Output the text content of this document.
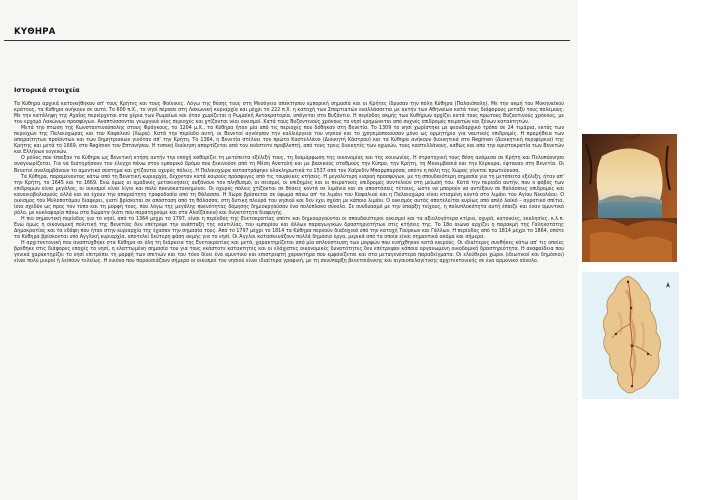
ΚΥΘΗΡΑ
Ιστορικά στοιχεία

Τα Κύθηρα αρχικά κατοικήθηκαν απ' τους Κρήτες και τους Φοίνικες. Λόγω της θέσης τους στη Μεσόγειο απέκτησαν εμπορική σημασία και οι Κρήτες ίδρυσαν την πόλη Κύθηρα (Παλαιόπολη). Με την ακμή του Μυκηναϊκού κράτους, τα Κύθηρα ανήκουν σε αυτό. Το 600 π.Χ., το νησί πέρασε στη Λακωνική κυριαρχία και μέχρι το 222 π.Χ. η κατοχή των Σπαρτιατών εναλλάσσεται με αυτήν των Αθηναίων κατά τους διάφορους μεταξύ τους πολέμους. Με την κατάληψη της Αχαΐας περιέρχεται στα χέρια των Ρωμαίων και όταν χωρίζεται η Ρωμαϊκή Αυτοκρατορία, υπάγεται στο Βυζάντιο. Η περίοδος ακμής των Κυθήρων αρχίζει κατά τους πρώτους Βυζαντινούς χρόνους, με τον ερχομό Λακώνων προσφύγων. Αναπτύσσονται γεωργικά νέες περιοχές και χτίζονται νέοι οικισμοί. Κατά τους Βυζαντινούς χρόνους το νησί ερημώνεται από συχνές επιδρομές πειρατών και ξένων κατακτητών.

Μετά την πτώση της Κωνσταντινούπολης στους Φράγκους, το 1204 μ.Χ., τα Κύθηρα ήταν μία από τις περιοχές που δόθηκαν στη Βενετία. Το 1309 το νησί χωρίστηκε με φεουδαρχικό τρόπο σε 24 τιμάρια, εκτός των περιοχών της Παλαιοχώρας και του Καψαλιού (Χώρα). Κατά την περίοδο αυτή, οι Βενετοί αγνόησαν την καλλιέργεια του νησιού και το χρησιμοποιούσαν μόνο ως ορμητήριο για ναυτικές επιδρομές. Η προμήθεια των απαραίτητων προϊόντων και των δημητριακών γινόταν απ' την Κρήτη. Το 1364, η Βενετία στέλνει τον πρώτο Καστελλάνο (Διοικητή Κάστρου) και τα Κύθηρα ανήκουν διοικητικά στο Regimen (Διοικητική περιφέρεια) της Κρήτης και μετά το 1669, στο Regimen του Επτανήσου. Η τοπική διοίκηση απαρτίζεται από τον εκάστοτε προβλεπτή, από τους τρεις διοικητές των οχυρών, τους καστελλάνους, καθώς και από την αριστοκρατία των Βενετών και Ελλήνων ευγενών.

Ο ρόλος που έπαιξαν τα Κύθηρα ως Βενετική κτήση αυτήν την εποχή καθορίζει τη μετέπειτα εξέλιξή τους, τη διαμόρφωση της οικονομίας και της κοινωνίας. Η στρατηγική τους θέση ανάμεσα σε Κρήτη και Πελοπόννησο αναγνωρίζεται. Για να διατηρήσουν τον έλεγχο πάνω στον εμπορικό δρόμο που ξεκινούσε από τη Μέση Ανατολή και με βασικούς σταθμούς την Κύπρο, την Κρήτη, τη Μονεμβασιά και την Κέρκυρα, έφταναν στη Βενετία. Οι Βενετοί αναλαμβάνουν το αμυντικό σύστημα και χτίζονται οχυρές πόλεις. Η Παλαιοχώρα καταστράφηκε ολοκληρωτικά το 1537 από τον Χαϊρεδίν Μπαρμπαρόσα, οπότε η πόλη της Χώρας γίνεται πρωτεύουσα.

Τα Κύθηρα, παραμένοντας κάτω από τη Βενετική κυριαρχία, δέχονταν κατά καιρούς πρόσφυγες από τις τουρκικές κτήσεις. Η μεγαλύτερη εισροή προσφύγων, με τη σπουδαιότερη σημασία για τη μετέπειτα εξέλιξη, ήταν απ' την Κρήτη, το 1645 και το 1669. Ενώ όμως οι ομαδικές μετακινήσεις αυξάνουν τον πληθυσμό, οι σεισμοί, οι επιδημίες και οι πειρατικές επιδρομές συντελούν στη μείωσή του. Κατά την περίοδο αυτήν, που ο φόβος των επιδρομών είναι μεγάλος, οι οικισμοί είναι λίγοι και πολύ πυκνοκατοικημένοι. Οι οχυρές πόλεις χτίζονται σε θέσεις κοντά σε λιμάνια και σε αποστάσεις τέτοιες, ώστε να μπορούν να αντέξουν σε θαλάσσιες επιδρομές και κανονιοβολισμούς αλλά και να έχουν την απαραίτητη τροφοδοσία από τη θάλασσα. Η Χώρα βρίσκεται σε ύψωμα πάνω απ' το λιμάνι του Καψαλιού και η Παλαιοχώρα είναι κτισμένη κοντά στο λιμάνι του Αγίου Νικολάου. Ο οικισμός του Μυλοποτάμου διαφέρει, γιατί βρίσκεται σε απόσταση από τη θάλασσα, στη δυτική πλευρά του νησιού και δεν έχει σχέση με κάποιο λιμάνι. Ο οικισμός αυτός αποτελείται κυρίως από απλό λαϊκό – αγροτικό σπίτια, ίσια σχεδόν ως προς τον τύπο και τη μορφή τους, που λόγω της μεγάλης πυκνότητας δόμησης δημιουργούσαν ένα πολύπλοκο σύνολο. Σε συνδυασμό με την ύπαρξη τείχους, η πολυπλοκότητα αυτή έπαιζε και έναν αμυντικό ρόλο, με κυκλοφορία πάνω στα δώματα (κάτι που παρατηρούμε και στα Αλοΐζάνικα) και δυνατότητα διαφυγής.

Η πιο σημαντική περίοδος για το νησί, από το 1364 μέχρι το 1797, είναι η περίοδος της Ενετοκρατίας οπότε και δημιουργούνται οι σπουδαιότεροι οικισμοί και τα αξιολογότερα κτίρια, οχυρά, κατοικίες, εκκλησίες, κ.λ.π. Ενώ όμως η οικονομική πολιτική της Βενετίας δεν επέτρεψε την ανάπτυξη της ναυτιλίας, του εμπορίου και άλλων παραγωγικών δραστηριοτήτων στις κτήσεις της. Το 18ο αιώνα αρχίζει η παρακμή της Γαληνοτάτης Δημοκρατίας και τα εδάφη που ήταν στην κυριαρχία της έχασαν την σημασία τους. Από το 1797 μέχρι το 1814 τα Κύθηρα περνούν διαδοχικά υπό την κατοχή Τούρκων και Γάλλων. Η περίοδος από το 1814 μέχρι το 1864, οπότε τα Κύθηρα βρίσκονται υπό Αγγλική κυριαρχία, αποτελεί δεύτερη φάση ακμής για το νησί. Οι Άγγλοι κατασκευάζουν πολλά δημόσια έργα, μερικά από τα οποία είναι σημαντικά ακόμα και σήμερα.

Η αρχιτεκτονική που αναπτύχθηκε στα Κύθηρα σε όλη τη διάρκεια της Ενετοκρατίας και μετά, χαρακτηρίζεται από μία απλούστευση των μορφών που εισήχθηκαν κατά καιρούς. Οι ιδιαίτερες συνθήκες κάτω απ' τις οποίες βρέθηκε στις διάφορες εποχές το νησί, η ελαττωμένη σημασία του για τους εκάστοτε κατακτητές και οι ελάχιστες οικονομικές δυνατότητες δεν επέτρεψαν κάποια οργανωμένη οικοδομική δραστηριότητα. Η αναφαίδεια που γενικά χαρακτηρίζει το νησί επιτρέπει τη μορφή των σπιτιών και του τόνο δίνει ένα αμυντικό και επιστρεφτή χαρακτήρα που εμφανίζεται και στα μεταγενέστερα παραδείγματα. Οι ελεύθεροι χώροι (ιδιωτικοί και δημόσιοι) είναι πολύ μικροί ή λείπουν τελείως. Η εικόνα που παρουσιάζουν σήμερα οι οικισμοί του νησιού είναι ιδιαίτερα γραφική, με τη συνύπαρξη βενετσιάνικης και αιγαιοπελαγίτικης αρχιτεκτονικής σε ένα αρμονικό σύνολο.
